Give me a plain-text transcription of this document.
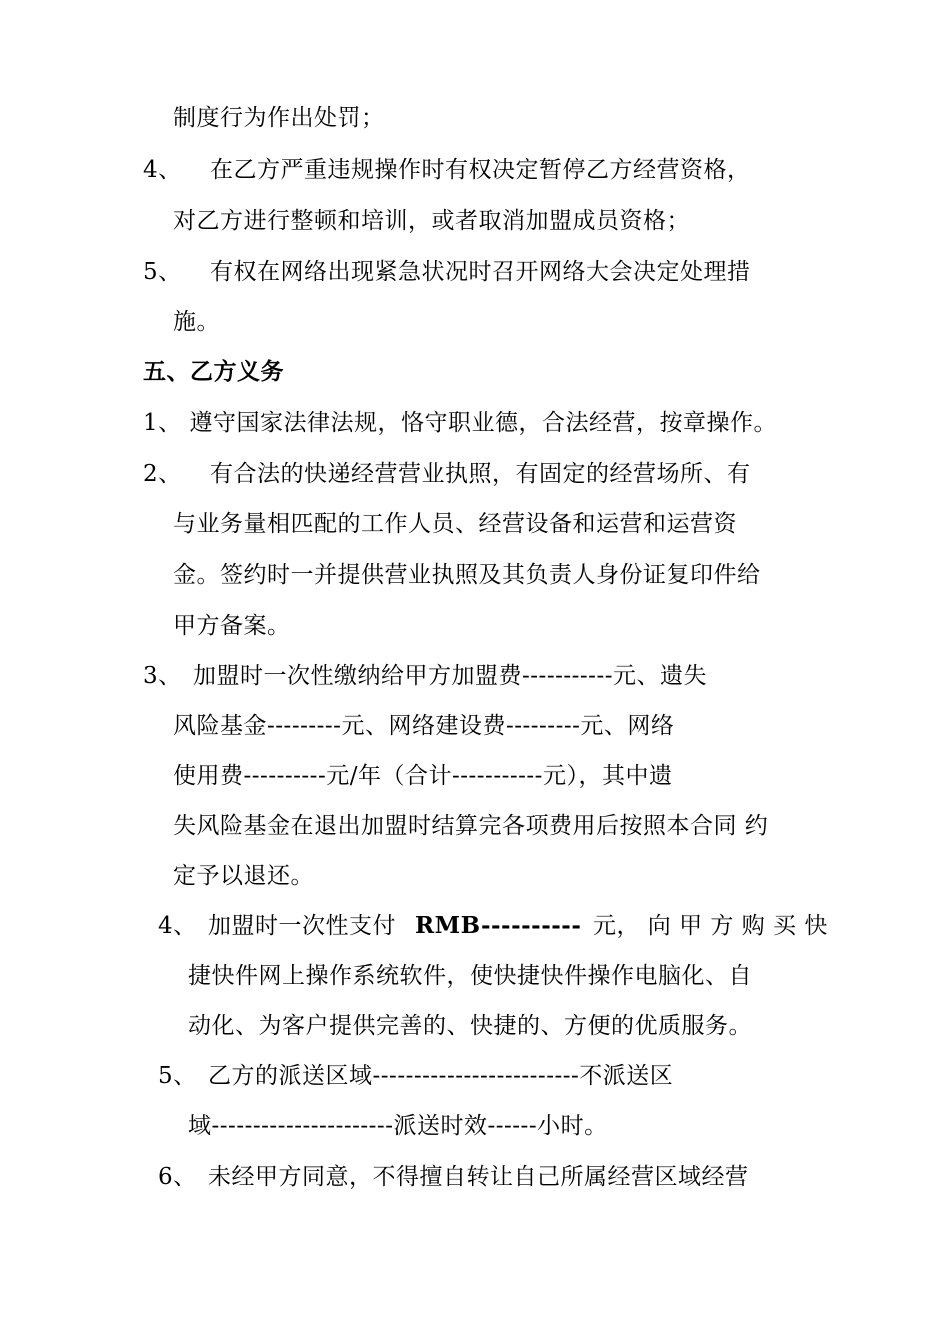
制度行为作出处罚；
4、 在乙方严重违规操作时有权决定暂停乙方经营资格，
对乙方进行整顿和培训，或者取消加盟成员资格；
5、 有权在网络出现紧急状况时召开网络大会决定处理措
施。
五、乙方义务
1、 遵守国家法律法规，恪守职业德，合法经营，按章操作。
2、 有合法的快递经营营业执照，有固定的经营场所、有
与业务量相匹配的工作人员、经营设备和运营和运营资
金。签约时一并提供营业执照及其负责人身份证复印件给
甲方备案。
3、 加盟时一次性缴纳给甲方加盟费-----------元、遗失
风险基金---------元、网络建设费---------元、网络
使用费----------元/年（合计-----------元），其中遗
失风险基金在退出加盟时结算完各项费用后按照本合同 约
定予以退还。
4、 加盟时一次性支付 RMB---------- 元， 向 甲 方 购 买 快
捷快件网上操作系统软件，使快捷快件操作电脑化、自
动化、为客户提供完善的、快捷的、方便的优质服务。
5、 乙方的派送区域-------------------------不派送区
域----------------------派送时效------小时。
6、 未经甲方同意，不得擅自转让自己所属经营区域经营
